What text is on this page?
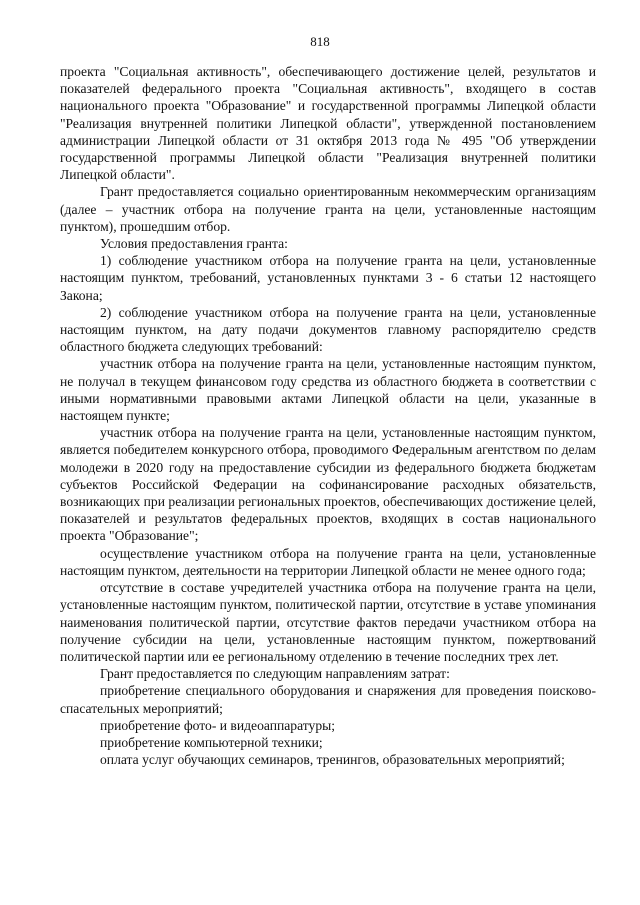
818

проекта "Социальная активность", обеспечивающего достижение целей, результатов и показателей федерального проекта "Социальная активность", входящего в состав национального проекта "Образование" и государственной программы Липецкой области "Реализация внутренней политики Липецкой области", утвержденной постановлением администрации Липецкой области от 31 октября 2013 года № 495 "Об утверждении государственной программы Липецкой области "Реализация внутренней политики Липецкой области".

Грант предоставляется социально ориентированным некоммерческим организациям (далее – участник отбора на получение гранта на цели, установленные настоящим пунктом), прошедшим отбор.

Условия предоставления гранта:

1) соблюдение участником отбора на получение гранта на цели, установленные настоящим пунктом, требований, установленных пунктами 3 - 6 статьи 12 настоящего Закона;

2) соблюдение участником отбора на получение гранта на цели, установленные настоящим пунктом, на дату подачи документов главному распорядителю средств областного бюджета следующих требований:

участник отбора на получение гранта на цели, установленные настоящим пунктом, не получал в текущем финансовом году средства из областного бюджета в соответствии с иными нормативными правовыми актами Липецкой области на цели, указанные в настоящем пункте;

участник отбора на получение гранта на цели, установленные настоящим пунктом, является победителем конкурсного отбора, проводимого Федеральным агентством по делам молодежи в 2020 году на предоставление субсидии из федерального бюджета бюджетам субъектов Российской Федерации на софинансирование расходных обязательств, возникающих при реализации региональных проектов, обеспечивающих достижение целей, показателей и результатов федеральных проектов, входящих в состав национального проекта "Образование";

осуществление участником отбора на получение гранта на цели, установленные настоящим пунктом, деятельности на территории Липецкой области не менее одного года;

отсутствие в составе учредителей участника отбора на получение гранта на цели, установленные настоящим пунктом, политической партии, отсутствие в уставе упоминания наименования политической партии, отсутствие фактов передачи участником отбора на получение субсидии на цели, установленные настоящим пунктом, пожертвований политической партии или ее региональному отделению в течение последних трех лет.

Грант предоставляется по следующим направлениям затрат:

приобретение специального оборудования и снаряжения для проведения поисково-спасательных мероприятий;

приобретение фото- и видеоаппаратуры;

приобретение компьютерной техники;

оплата услуг обучающих семинаров, тренингов, образовательных мероприятий;
